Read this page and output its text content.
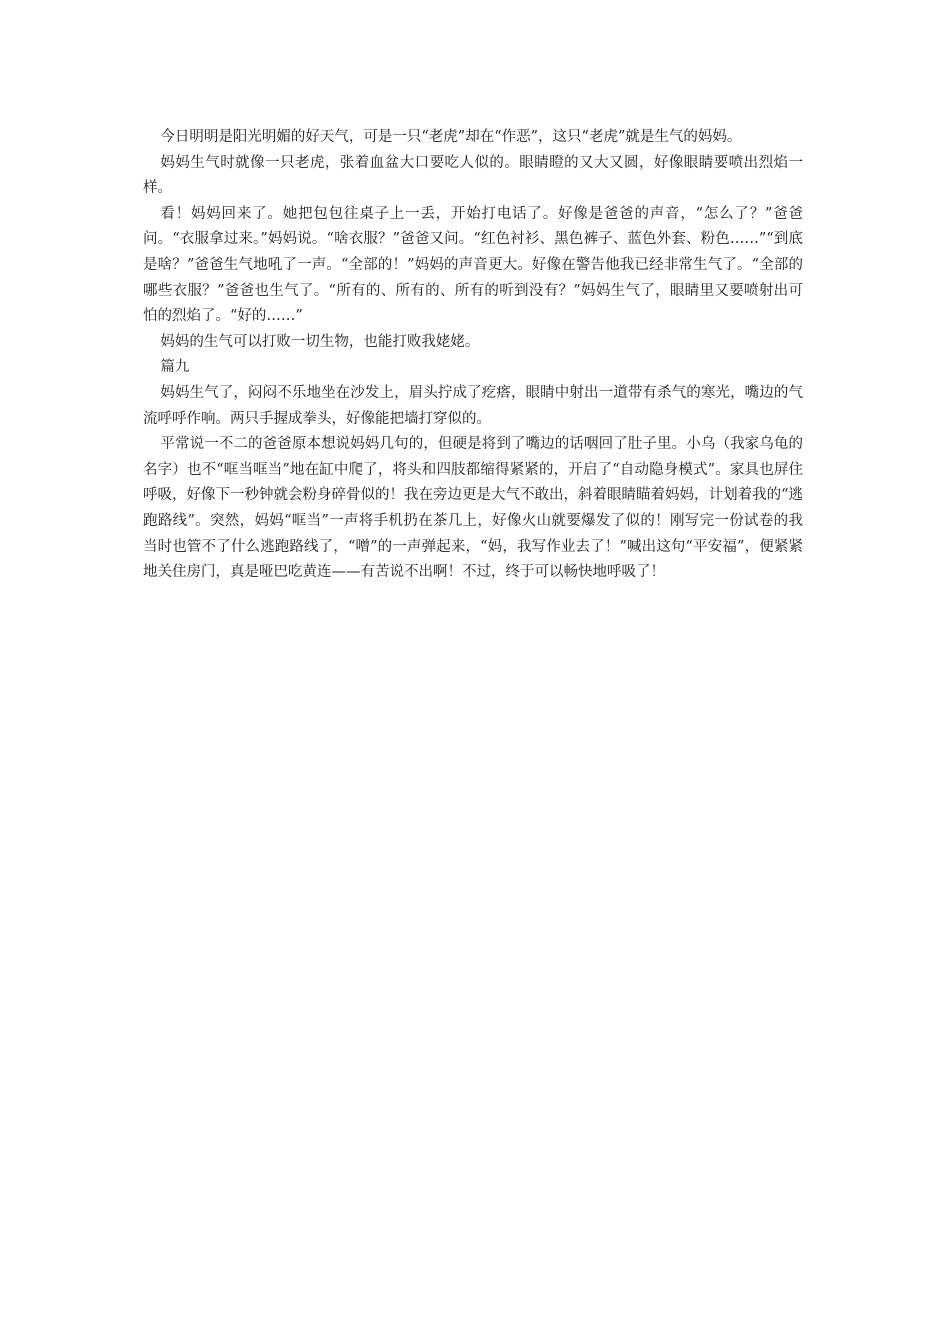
今日明明是阳光明媚的好天气，可是一只“老虎”却在“作恶”，这只“老虎”就是生气的妈妈。

妈妈生气时就像一只老虎，张着血盆大口要吃人似的。眼睛瞪的又大又圆，好像眼睛要喷出烈焰一样。

看！妈妈回来了。她把包包往桌子上一丢，开始打电话了。好像是爸爸的声音，“怎么了？”爸爸问。“衣服拿过来。”妈妈说。“啥衣服？”爸爸又问。“红色衬衫、黑色裤子、蓝色外套、粉色……”“到底是啥？”爸爸生气地吼了一声。“全部的！”妈妈的声音更大。好像在警告他我已经非常生气了。“全部的哪些衣服？”爸爸也生气了。“所有的、所有的、所有的听到没有？”妈妈生气了，眼睛里又要喷射出可怕的烈焰了。“好的……”

妈妈的生气可以打败一切生物，也能打败我姥姥。

篇九

妈妈生气了，闷闷不乐地坐在沙发上，眉头拧成了疙瘩，眼睛中射出一道带有杀气的寒光，嘴边的气流呼呼作响。两只手握成拳头，好像能把墙打穿似的。

平常说一不二的爸爸原本想说妈妈几句的，但硬是将到了嘴边的话咽回了肚子里。小乌（我家乌龟的名字）也不“哐当哐当”地在缸中爬了，将头和四肢都缩得紧紧的，开启了“自动隐身模式”。家具也屏住呼吸，好像下一秒钟就会粉身碎骨似的！我在旁边更是大气不敢出，斜着眼睛瞄着妈妈，计划着我的“逃跑路线”。突然，妈妈“哐当”一声将手机扔在茶几上，好像火山就要爆发了似的！刚写完一份试卷的我当时也管不了什么逃跑路线了，“噌”的一声弹起来，“妈，我写作业去了！”喊出这句“平安福”，便紧紧地关住房门，真是哑巴吃黄连——有苦说不出啊！不过，终于可以畅快地呼吸了！
